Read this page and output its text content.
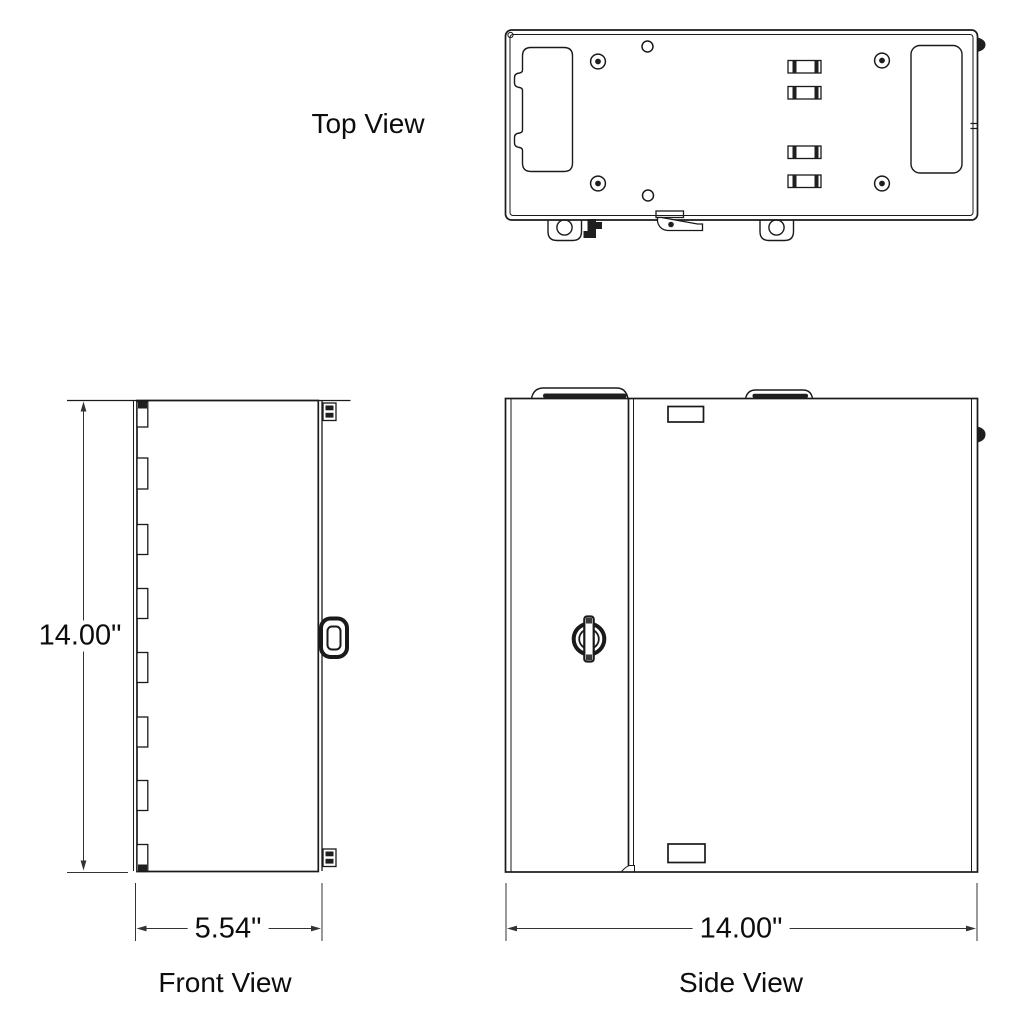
Top View
Front View	Side View
14.00"
5.54"	14.00"
